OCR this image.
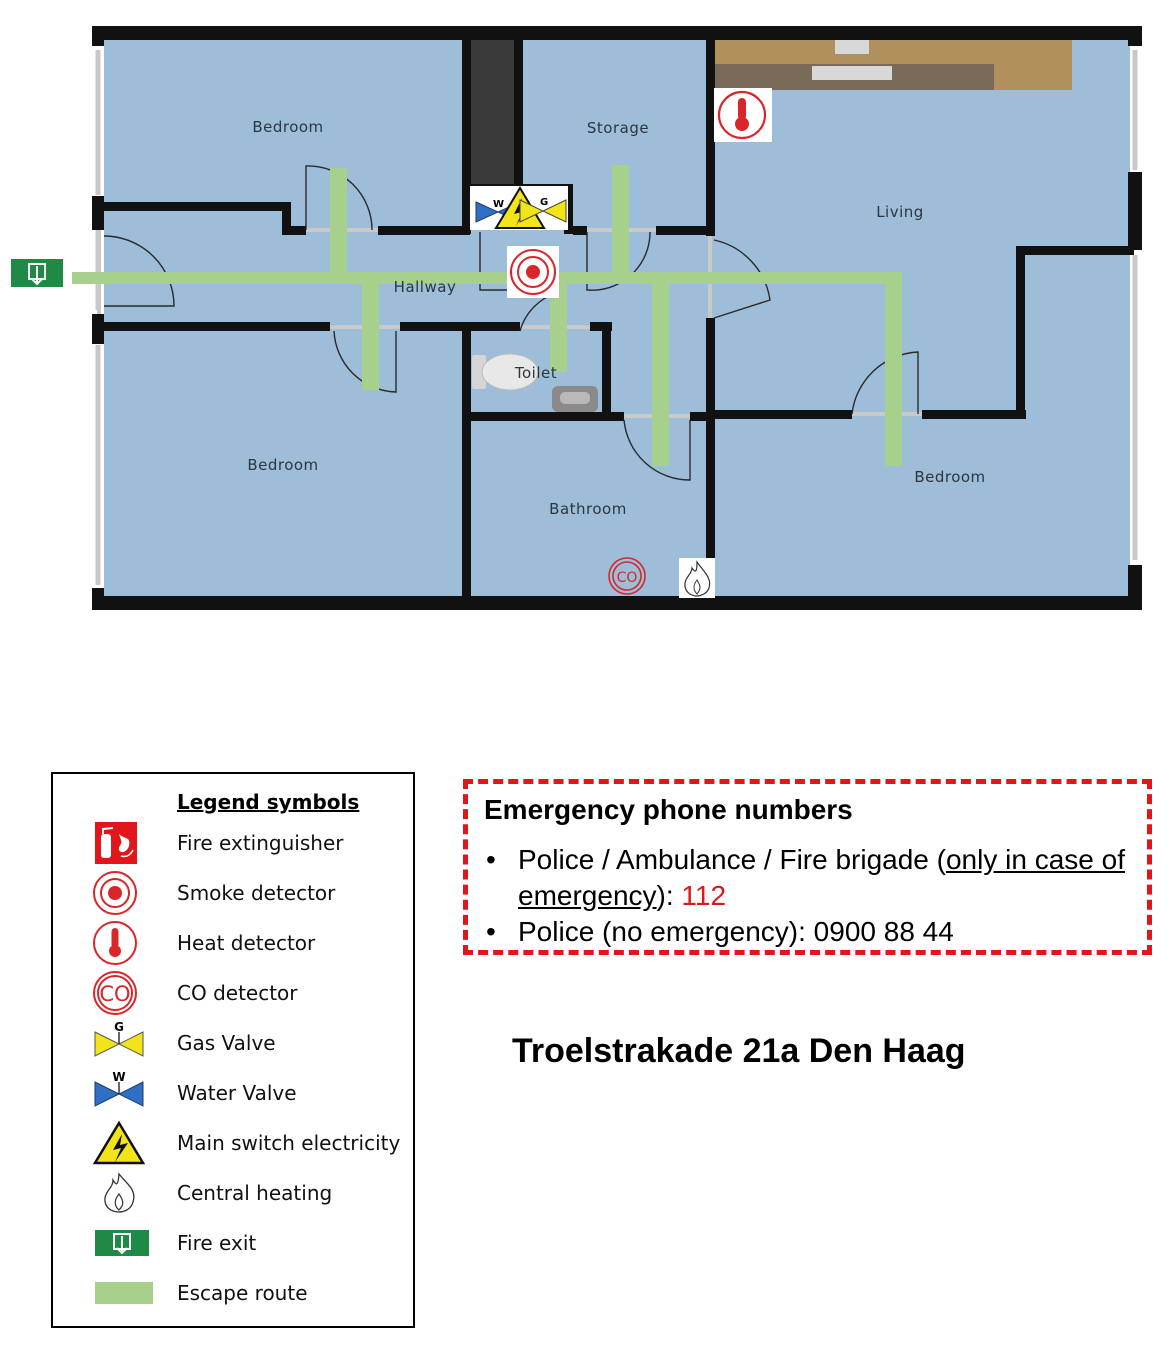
W	G
CO
Bedroom	Storage
Living
Hallway
Toilet
Bedroom
Bathroom
Bedroom
Legend symbols
Fire extinguisher
Smoke detector
Heat detector
CO CO detector
G
Gas Valve
W
Water Valve
Main switch electricity
Central heating
Fire exit
Escape route
Emergency phone numbers
• Police / Ambulance / Fire brigade (only in case of emergency): 112
• Police (no emergency): 0900 88 44
Troelstrakade 21a Den Haag
